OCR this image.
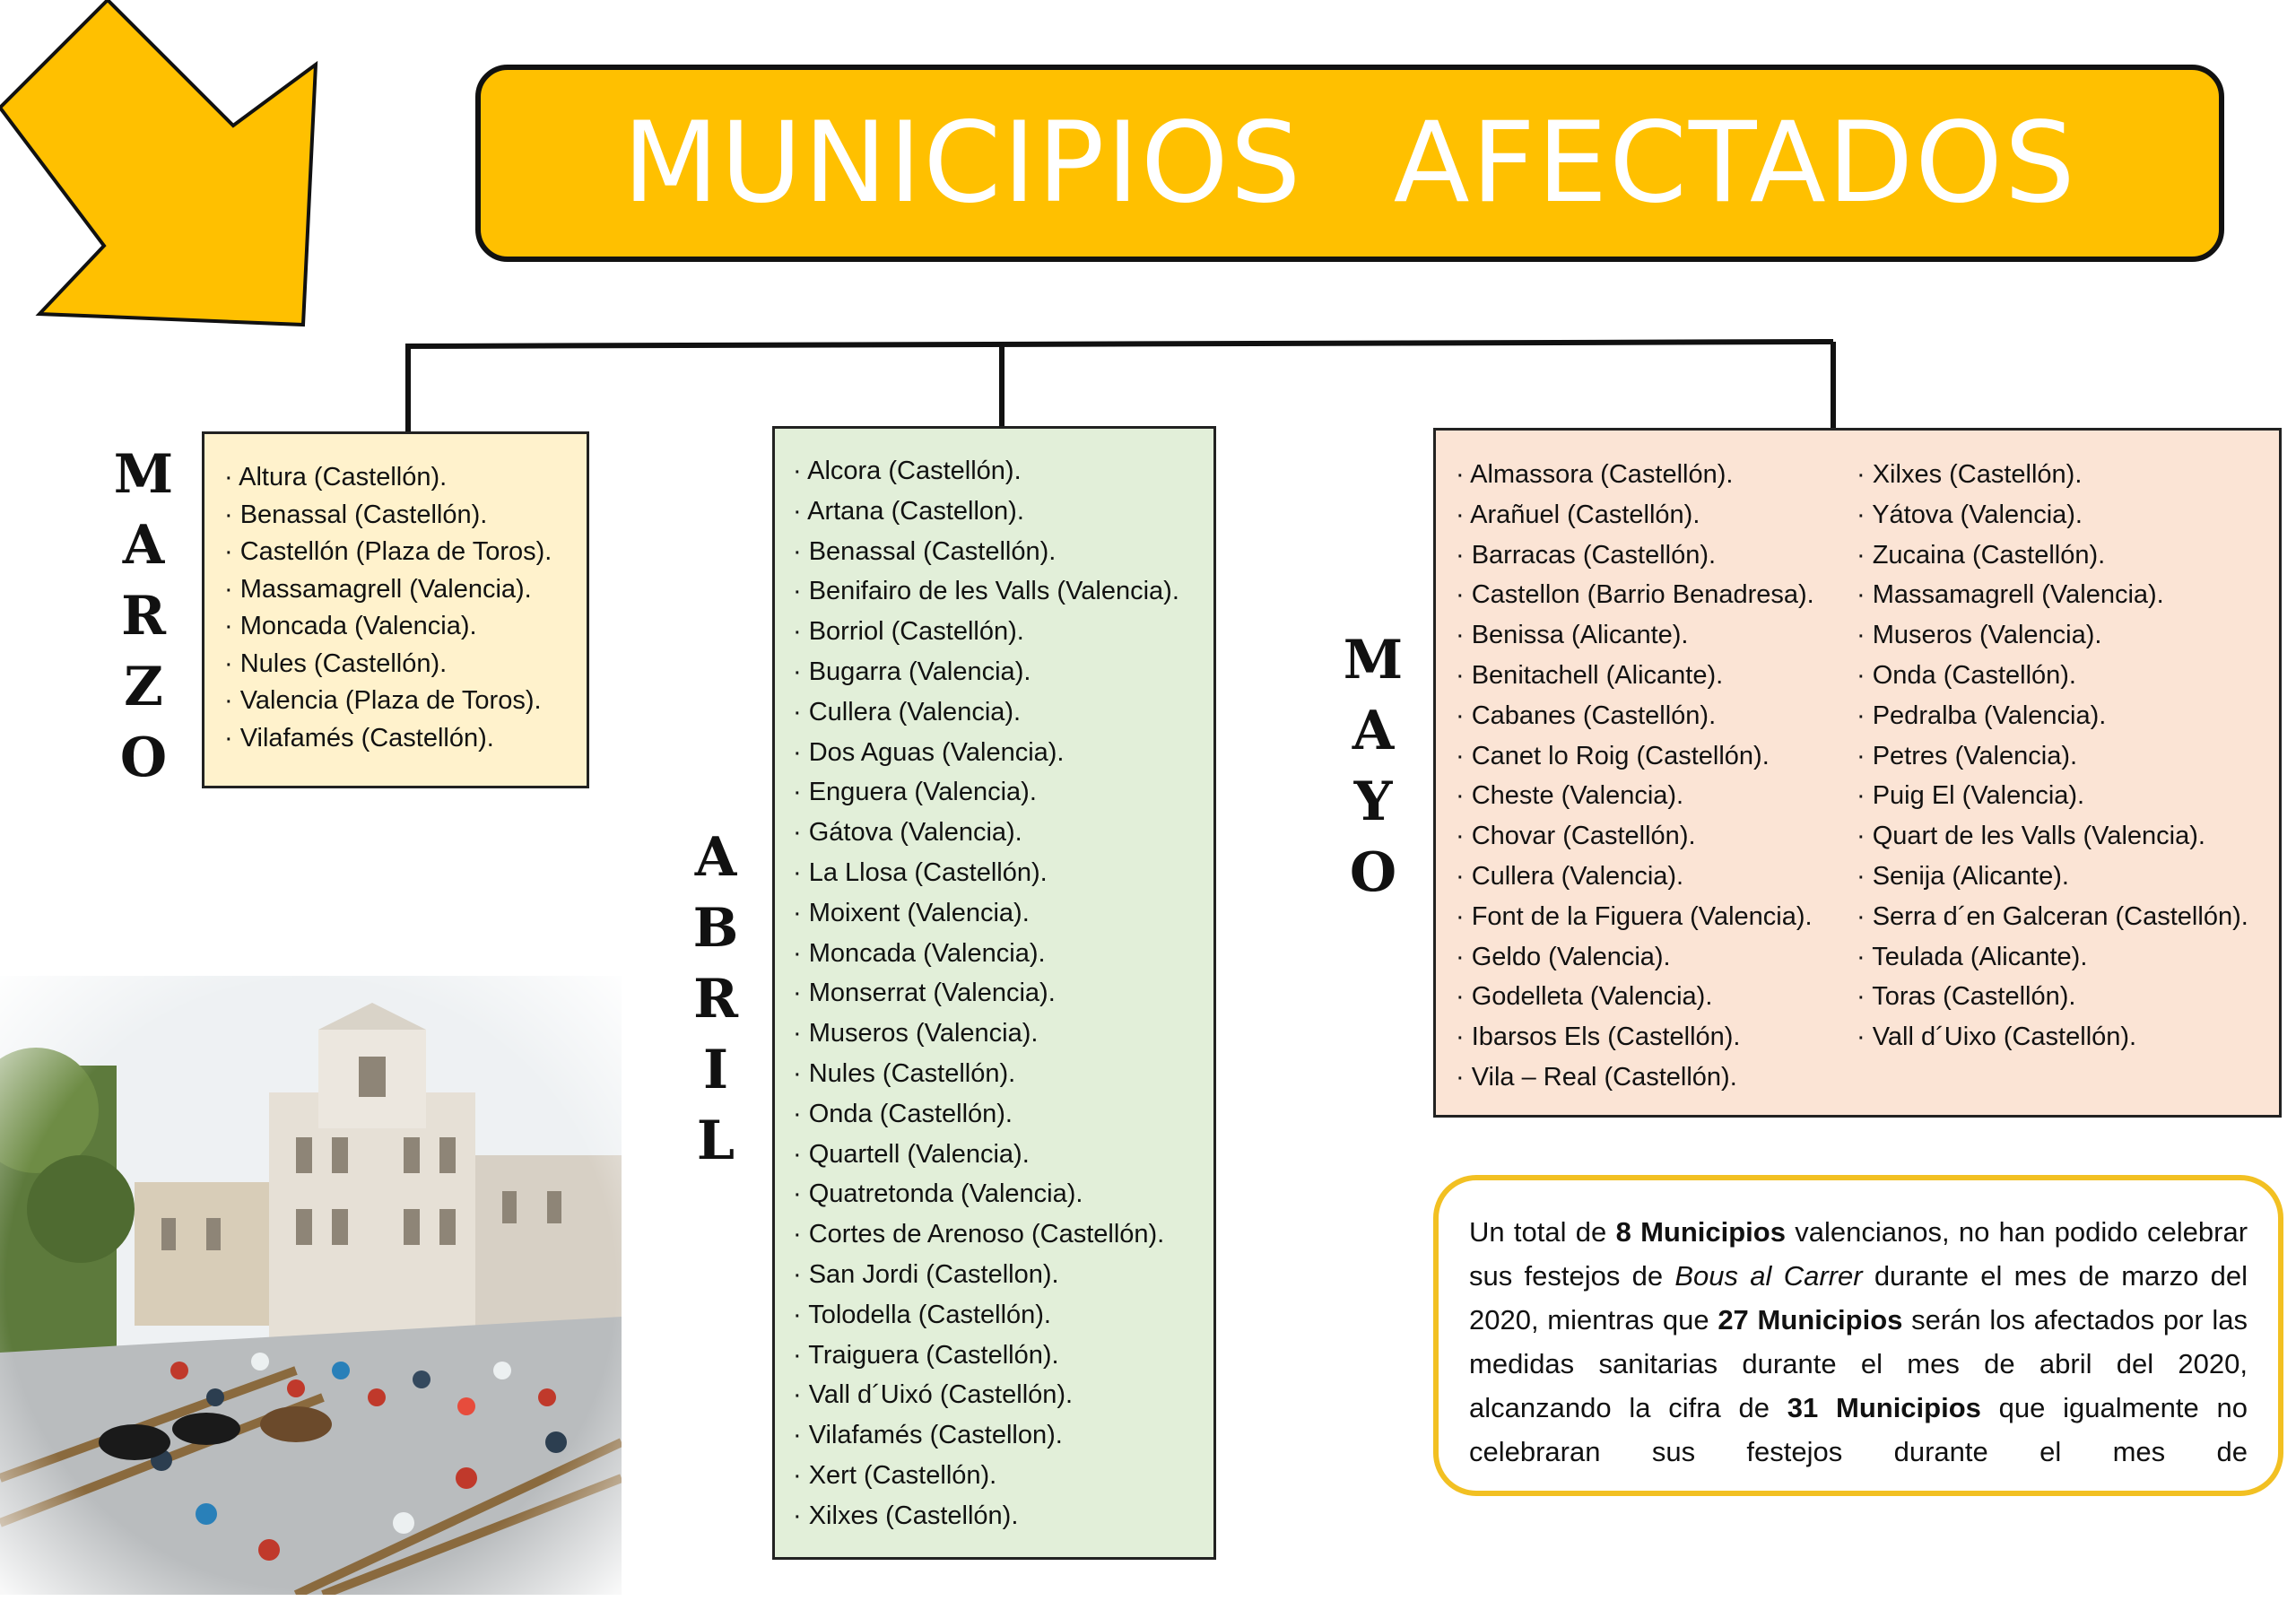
MUNICIPIOS AFECTADOS
M
A
R
Z
O
A
B
R
I
L
M
A
Y
O
· Altura (Castellón).
· Benassal (Castellón).
· Castellón (Plaza de Toros).
· Massamagrell (Valencia).
· Moncada (Valencia).
· Nules (Castellón).
· Valencia (Plaza de Toros).
· Vilafamés (Castellón).
· Alcora (Castellón).
· Artana (Castellon).
· Benassal (Castellón).
· Benifairo de les Valls (Valencia).
· Borriol (Castellón).
· Bugarra (Valencia).
· Cullera (Valencia).
· Dos Aguas (Valencia).
· Enguera (Valencia).
· Gátova (Valencia).
· La Llosa (Castellón).
· Moixent (Valencia).
· Moncada (Valencia).
· Monserrat (Valencia).
· Museros (Valencia).
· Nules (Castellón).
· Onda (Castellón).
· Quartell (Valencia).
· Quatretonda (Valencia).
· Cortes de Arenoso (Castellón).
· San Jordi (Castellon).
· Tolodella (Castellón).
· Traiguera (Castellón).
· Vall d´Uixó (Castellón).
· Vilafamés (Castellon).
· Xert (Castellón).
· Xilxes (Castellón).
· Almassora (Castellón).
· Arañuel (Castellón).
· Barracas (Castellón).
· Castellon (Barrio Benadresa).
· Benissa (Alicante).
· Benitachell (Alicante).
· Cabanes (Castellón).
· Canet lo Roig (Castellón).
· Cheste (Valencia).
· Chovar (Castellón).
· Cullera (Valencia).
· Font de la Figuera (Valencia).
· Geldo (Valencia).
· Godelleta (Valencia).
· Ibarsos Els (Castellón).
· Vila – Real (Castellón).
· Xilxes (Castellón).
· Yátova (Valencia).
· Zucaina (Castellón).
· Massamagrell (Valencia).
· Museros (Valencia).
· Onda (Castellón).
· Pedralba (Valencia).
· Petres (Valencia).
· Puig El (Valencia).
· Quart de les Valls (Valencia).
· Senija (Alicante).
· Serra d´en Galceran (Castellón).
· Teulada (Alicante).
· Toras (Castellón).
· Vall d´Uixo (Castellón).
Un total de 8 Municipios valencianos, no han podido celebrar sus festejos de Bous al Carrer durante el mes de marzo del 2020, mientras que 27 Municipios serán los afectados por las medidas sanitarias durante el mes de abril del 2020, alcanzando la cifra de 31 Municipios que igualmente no celebraran sus festejos durante el mes de
